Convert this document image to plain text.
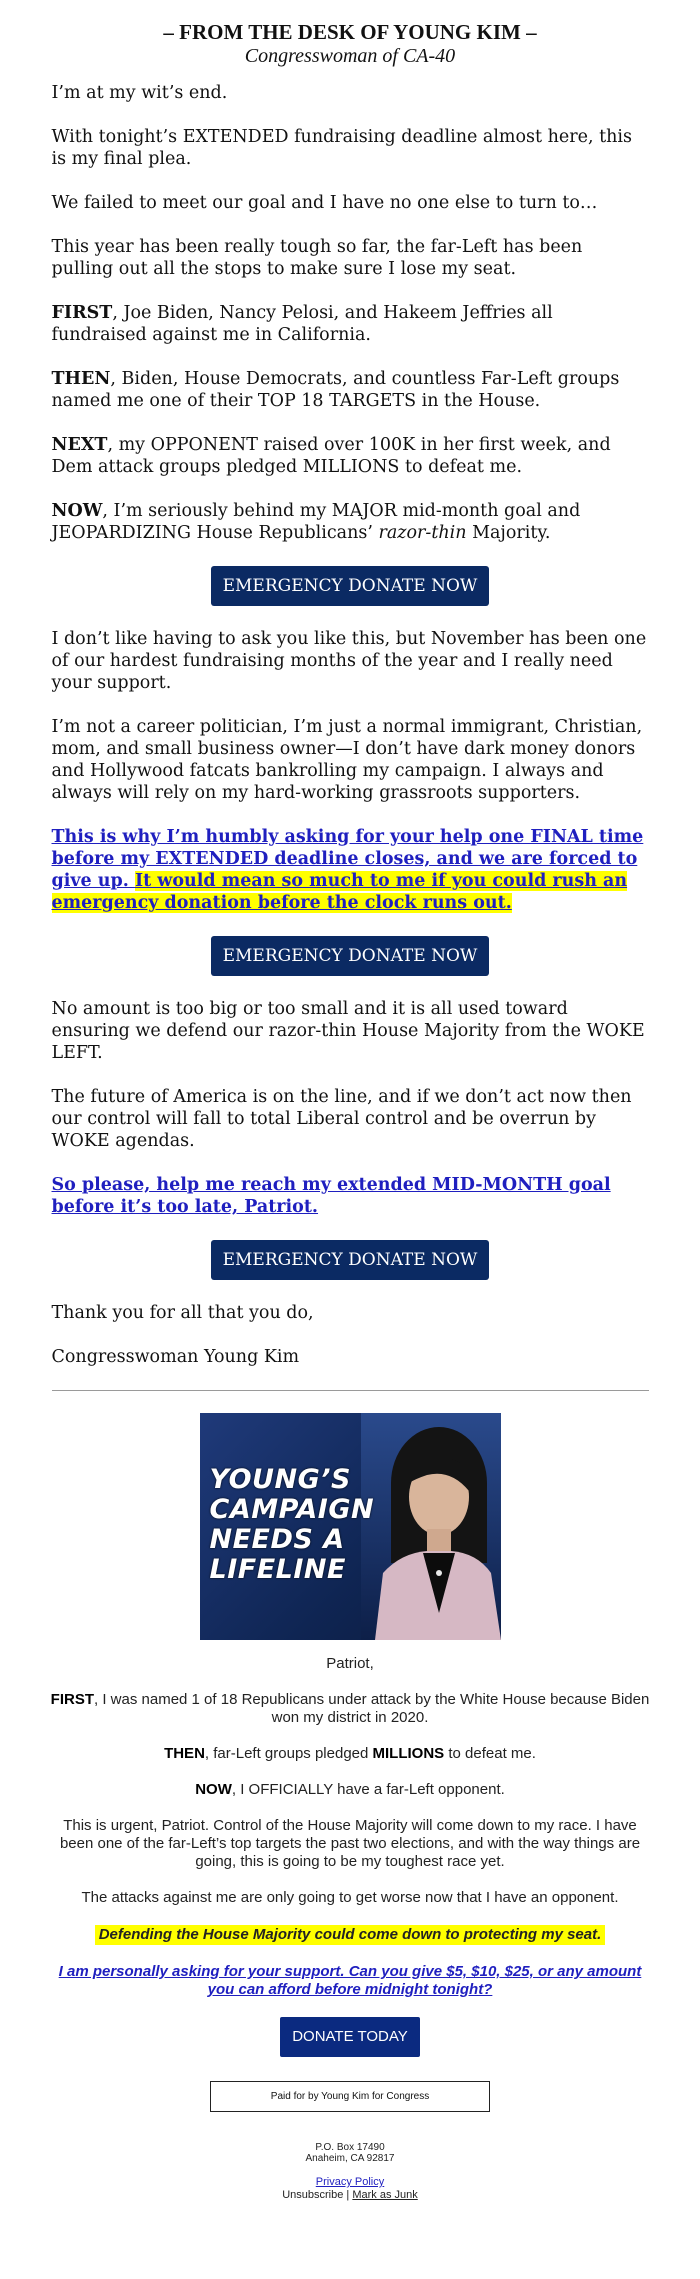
– FROM THE DESK OF YOUNG KIM –
Congresswoman of CA-40

I’m at my wit’s end.

With tonight’s EXTENDED fundraising deadline almost here, this is my final plea.

We failed to meet our goal and I have no one else to turn to…

This year has been really tough so far, the far-Left has been pulling out all the stops to make sure I lose my seat.

FIRST, Joe Biden, Nancy Pelosi, and Hakeem Jeffries all fundraised against me in California.

THEN, Biden, House Democrats, and countless Far-Left groups named me one of their TOP 18 TARGETS in the House.

NEXT, my OPPONENT raised over 100K in her first week, and Dem attack groups pledged MILLIONS to defeat me.

NOW, I’m seriously behind my MAJOR mid-month goal and JEOPARDIZING House Republicans’ razor-thin Majority.

EMERGENCY DONATE NOW

I don’t like having to ask you like this, but November has been one of our hardest fundraising months of the year and I really need your support.

I’m not a career politician, I’m just a normal immigrant, Christian, mom, and small business owner—I don’t have dark money donors and Hollywood fatcats bankrolling my campaign. I always and always will rely on my hard-working grassroots supporters.

This is why I’m humbly asking for your help one FINAL time before my EXTENDED deadline closes, and we are forced to give up. It would mean so much to me if you could rush an emergency donation before the clock runs out.

EMERGENCY DONATE NOW

No amount is too big or too small and it is all used toward ensuring we defend our razor-thin House Majority from the WOKE LEFT.

The future of America is on the line, and if we don’t act now then our control will fall to total Liberal control and be overrun by WOKE agendas.

So please, help me reach my extended MID-MONTH goal before it’s too late, Patriot.

EMERGENCY DONATE NOW

Thank you for all that you do,

Congresswoman Young Kim

YOUNG’S
CAMPAIGN
NEEDS A
LIFELINE

Patriot,

FIRST, I was named 1 of 18 Republicans under attack by the White House because Biden won my district in 2020.

THEN, far-Left groups pledged MILLIONS to defeat me.

NOW, I OFFICIALLY have a far-Left opponent.

This is urgent, Patriot. Control of the House Majority will come down to my race. I have been one of the far-Left’s top targets the past two elections, and with the way things are going, this is going to be my toughest race yet.

The attacks against me are only going to get worse now that I have an opponent.

Defending the House Majority could come down to protecting my seat.

I am personally asking for your support. Can you give $5, $10, $25, or any amount you can afford before midnight tonight?

DONATE TODAY

Paid for by Young Kim for Congress
P.O. Box 17490
Anaheim, CA 92817
Privacy Policy
Unsubscribe | Mark as Junk
